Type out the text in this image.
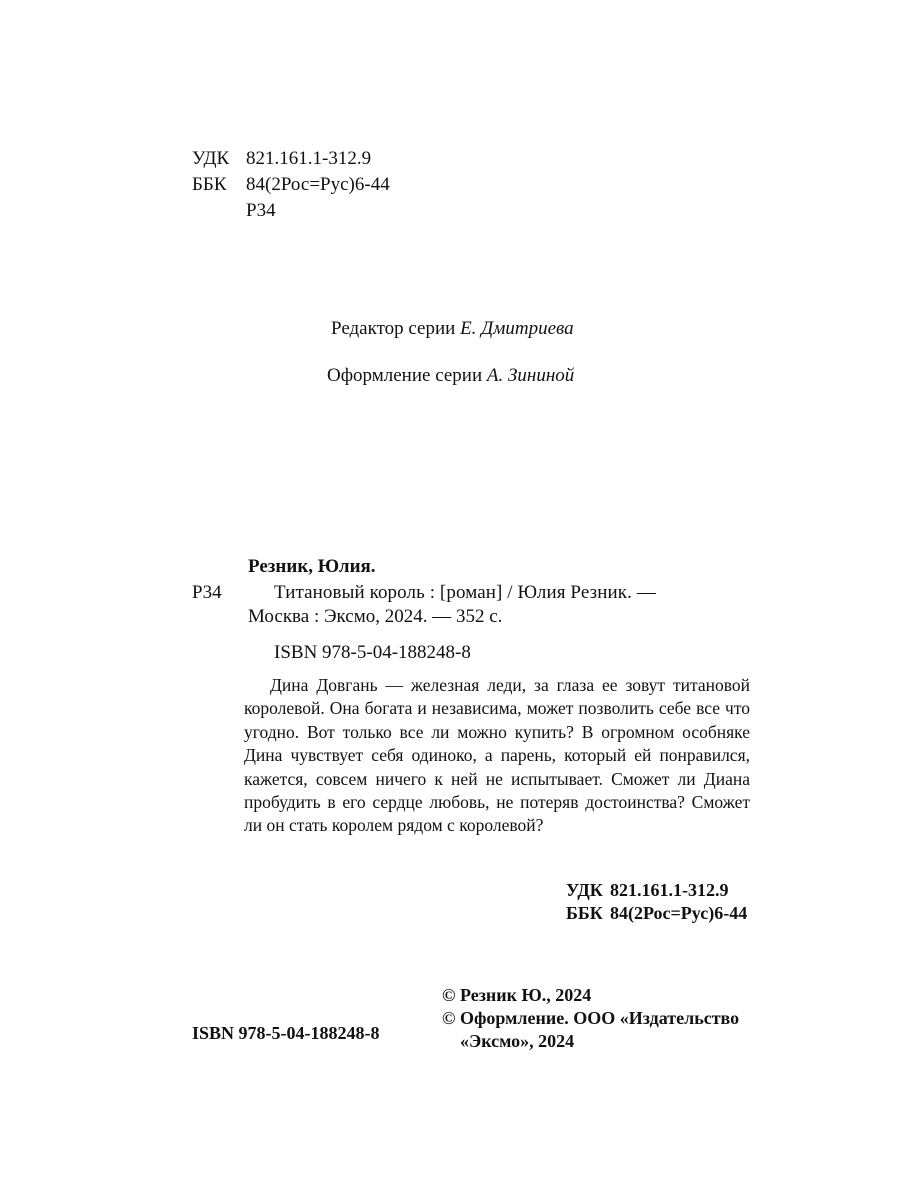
УДК 821.161.1-312.9
ББК 84(2Рос=Рус)6-44
Р34
Редактор серии Е. Дмитриева
Оформление серии А. Зининой
Резник, Юлия.
Р34	Титановый король : [роман] / Юлия Резник. —
Москва : Эксмо, 2024. — 352 с.
ISBN 978-5-04-188248-8
Дина Довгань — железная леди, за глаза ее зовут титановой королевой. Она богата и независима, может позволить себе все что угодно. Вот только все ли можно купить? В огромном особняке Дина чувствует себя одиноко, а парень, который ей понравился, кажется, совсем ничего к ней не испытывает. Сможет ли Диана пробудить в его сердце любовь, не потеряв достоинства? Сможет ли он стать королем рядом с королевой?
УДК 821.161.1-312.9
ББК 84(2Рос=Рус)6-44
ISBN 978-5-04-188248-8
© Резник Ю., 2024
© Оформление. ООО «Издательство
«Эксмо», 2024
